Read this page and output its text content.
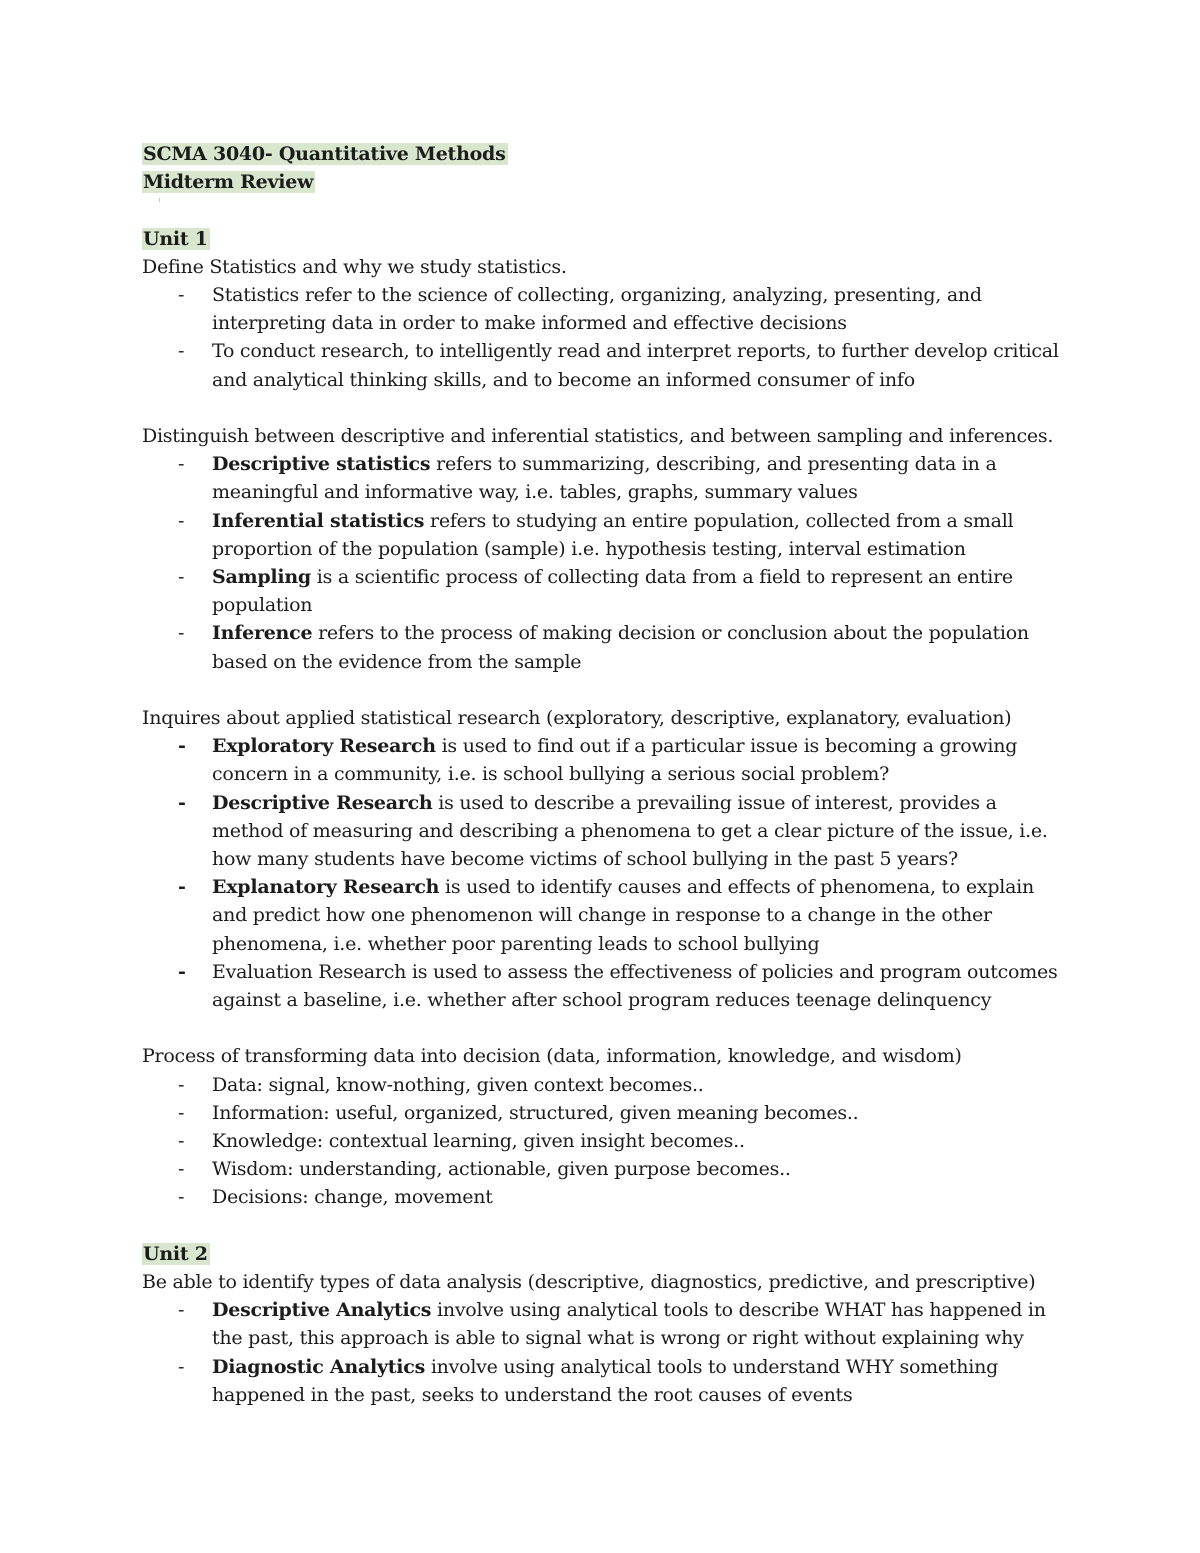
SCMA 3040- Quantitative Methods
Midterm Review
Unit 1

Define Statistics and why we study statistics.

- Statistics refer to the science of collecting, organizing, analyzing, presenting, and interpreting data in order to make informed and effective decisions
- To conduct research, to intelligently read and interpret reports, to further develop critical and analytical thinking skills, and to become an informed consumer of info

Distinguish between descriptive and inferential statistics, and between sampling and inferences.

- Descriptive statistics refers to summarizing, describing, and presenting data in a meaningful and informative way, i.e. tables, graphs, summary values
- Inferential statistics refers to studying an entire population, collected from a small proportion of the population (sample) i.e. hypothesis testing, interval estimation
- Sampling is a scientific process of collecting data from a field to represent an entire population
- Inference refers to the process of making decision or conclusion about the population based on the evidence from the sample

Inquires about applied statistical research (exploratory, descriptive, explanatory, evaluation)

- Exploratory Research is used to find out if a particular issue is becoming a growing concern in a community, i.e. is school bullying a serious social problem?
- Descriptive Research is used to describe a prevailing issue of interest, provides a method of measuring and describing a phenomena to get a clear picture of the issue, i.e. how many students have become victims of school bullying in the past 5 years?
- Explanatory Research is used to identify causes and effects of phenomena, to explain and predict how one phenomenon will change in response to a change in the other phenomena, i.e. whether poor parenting leads to school bullying
- Evaluation Research is used to assess the effectiveness of policies and program outcomes against a baseline, i.e. whether after school program reduces teenage delinquency

Process of transforming data into decision (data, information, knowledge, and wisdom)

- Data: signal, know-nothing, given context becomes..
- Information: useful, organized, structured, given meaning becomes..
- Knowledge: contextual learning, given insight becomes..
- Wisdom: understanding, actionable, given purpose becomes..
- Decisions: change, movement
Unit 2

Be able to identify types of data analysis (descriptive, diagnostics, predictive, and prescriptive)

- Descriptive Analytics involve using analytical tools to describe WHAT has happened in the past, this approach is able to signal what is wrong or right without explaining why
- Diagnostic Analytics involve using analytical tools to understand WHY something happened in the past, seeks to understand the root causes of events
